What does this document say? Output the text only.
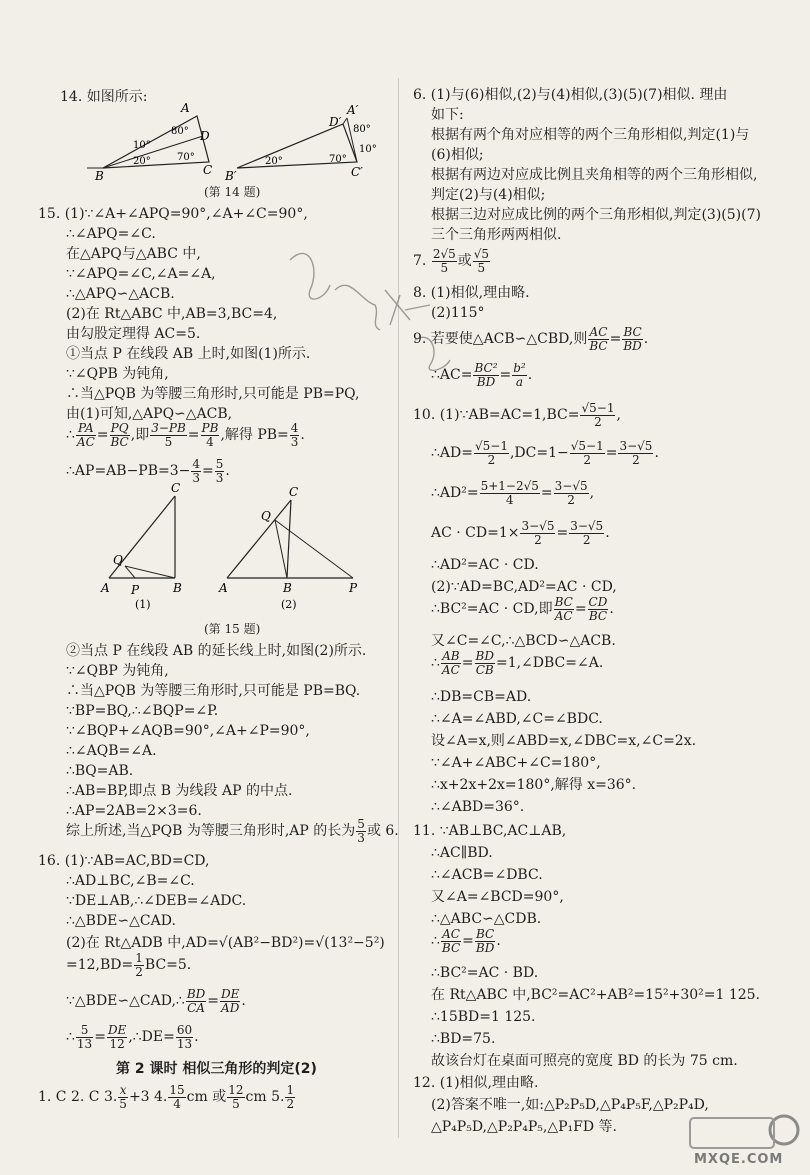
14. 如图所示:
A
D
B	C
10°
80°
20°	70°
D′
A′
B′	C′
80°
10°
20°	70°
(第 14 题)
15. (1)∵∠A+∠APQ=90°,∠A+∠C=90°,
∴∠APQ=∠C.
在△APQ与△ABC 中,
∵∠APQ=∠C,∠A=∠A,
∴△APQ∽△ACB.
(2)在 Rt△ABC 中,AB=3,BC=4,
由勾股定理得 AC=5.
①当点 P 在线段 AB 上时,如图(1)所示.
∵∠QPB 为钝角,
∴当△PQB 为等腰三角形时,只可能是 PB=PQ,
由(1)可知,△APQ∽△ACB,
∴ $\frac{PA}{AC} = \frac{PQ}{BC}$ ,即 $\frac{3-PB}{5} = \frac{PB}{4}$ ,解得 $PB= \frac{4}{3}$ .
∴AP=AB−PB=3− $\frac{4}{3} = \frac{5}{3}$ .
C
Q
A P	B
(1)
C
Q
A	B	P
(2)
(第 15 题)
②当点 P 在线段 AB 的延长线上时,如图(2)所示.
∵∠QBP 为钝角,
∴当△PQB 为等腰三角形时,只可能是 PB=BQ.
∵BP=BQ,∴∠BQP=∠P.
∵∠BQP+∠AQB=90°,∠A+∠P=90°,
∴∠AQB=∠A.
∴BQ=AB.
∴AB=BP,即点 B 为线段 AP 的中点.
∴AP=2AB=2×3=6.
综上所述,当△PQB 为等腰三角形时,AP 的长为 $\frac{5}{3}$ 或 6.
16. (1)∵AB=AC,BD=CD,
∴AD⊥BC,∠B=∠C.
∵DE⊥AB,∴∠DEB=∠ADC.
∴△BDE∽△CAD.
(2)在 Rt△ADB 中,AD=√(AB²−BD²)=√(13²−5²)
$=12,BD= \frac{1}{2} BC=5$.
∵△BDE∽△CAD,∴ $\frac{BD}{CA} = \frac{DE}{AD}$ .
∴ $\frac{5}{13} = \frac{DE}{12}$ ,∴DE= $\frac{60}{13}$ .
第 2 课时 相似三角形的判定(2)
1. C 2. C 3. $\frac{x}{5} +3$ 4. $\frac{15}{4}$ cm 或 $\frac{12}{5}$ cm 5. $\frac{1}{2}$
6. (1)与(6)相似,(2)与(4)相似,(3)(5)(7)相似. 理由
如下:
根据有两个角对应相等的两个三角形相似,判定(1)与
(6)相似;
根据有两边对应成比例且夹角相等的两个三角形相似,
判定(2)与(4)相似;
根据三边对应成比例的两个三角形相似,判定(3)(5)(7)
三个三角形两两相似.
7. $\frac{2√5}{5}$ 或 $\frac{√5}{5}$
8. (1)相似,理由略.
(2)115°
9. 若要使△ACB∽△CBD,则 $\frac{AC}{BC} = \frac{BC}{BD}$ .
∴AC= $\frac{\text{BC²}}{BD} = \frac{\text{b²}}{a}$ .
10. (1)∵AB=AC=1,BC= $\frac{√5-1}{2}$ ,
∴AD= $\frac{√5-1}{2} ,DC=1- \frac{√5-1}{2} = \frac{3-√5}{2}$ .
∴AD²= $\frac{5+1-2√5}{4} = \frac{3-√5}{2}$ ,
AC · $CD=1\times \frac{3-√5}{2} = \frac{3-√5}{2}$ .
∴AD²=AC · CD.
(2)∵AD=BC,AD²=AC · CD,
∴BC²=AC · CD,即 $\frac{BC}{AC} = \frac{CD}{BC}$ .
又∠C=∠C,∴△BCD∽△ACB.
∴ $\frac{AB}{AC} = \frac{BD}{CB}$ =1,∠DBC=∠A.
∴DB=CB=AD.
∴∠A=∠ABD,∠C=∠BDC.
设∠A=x,则∠ABD=x,∠DBC=x,∠C=2x.
∵∠A+∠ABC+∠C=180°,
∴x+2x+2x=180°,解得 x=36°.
∴∠ABD=36°.
11. ∵AB⊥BC,AC⊥AB,
∴AC∥BD.
∴∠ACB=∠DBC.
又∠A=∠BCD=90°,
∴△ABC∽△CDB.
∴ $\frac{AC}{BC} = \frac{BC}{BD}$ .
∴BC²=AC · BD.
在 Rt△ABC 中,BC²=AC²+AB²=15²+30²=1 125.
∴15BD=1 125.
∴BD=75.
故该台灯在桌面可照亮的宽度 BD 的长为 75 cm.
12. (1)相似,理由略.
(2)答案不唯一,如:△P₂P₅D,△P₄P₅F,△P₂P₄D,
△P₄P₅D,△P₂P₄P₅,△P₁FD 等.
MXQE.COM
